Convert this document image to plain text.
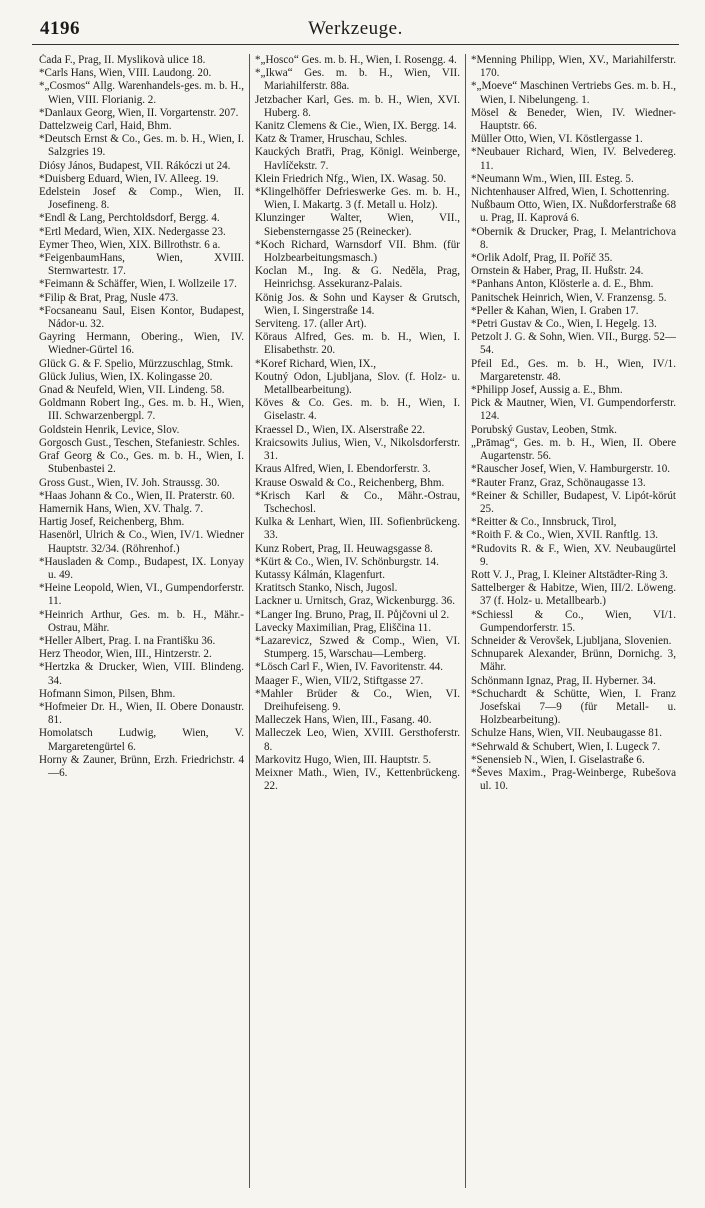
4196	Werkzeuge.

Čada F., Prag, II. Myslikovà ulice 18.

*Carls Hans, Wien, VIII. Laudong. 20.

*„Cosmos“ Allg. Warenhandels-ges. m. b. H., Wien, VIII. Florianig. 2.

*Danlaux Georg, Wien, II. Vorgartenstr. 207.

Dattelzweig Carl, Haid, Bhm.

*Deutsch Ernst & Co., Ges. m. b. H., Wien, I. Salzgries 19.

Diósy János, Budapest, VII. Rákóczi ut 24.

*Duisberg Eduard, Wien, IV. Alleeg. 19.

Edelstein Josef & Comp., Wien, II. Josefineng. 8.

*Endl & Lang, Perchtoldsdorf, Bergg. 4.

*Ertl Medard, Wien, XIX. Nedergasse 23.

Eymer Theo, Wien, XIX. Billrothstr. 6 a.

*FeigenbaumHans, Wien, XVIII. Sternwartestr. 17.

*Feimann & Schäffer, Wien, I. Wollzeile 17.

*Filip & Brat, Prag, Nusle 473.

*Focsaneanu Saul, Eisen Kontor, Budapest, Nádor-u. 32.

Gayring Hermann, Obering., Wien, IV. Wiedner-Gürtel 16.

Glück G. & F. Spelio, Mürzzuschlag, Stmk.

Glück Julius, Wien, IX. Kolingasse 20.

Gnad & Neufeld, Wien, VII. Lindeng. 58.

Goldmann Robert Ing., Ges. m. b. H., Wien, III. Schwarzenbergpl. 7.

Goldstein Henrik, Levice, Slov.

Gorgosch Gust., Teschen, Stefaniestr. Schles.

Graf Georg & Co., Ges. m. b. H., Wien, I. Stubenbastei 2.

Gross Gust., Wien, IV. Joh. Straussg. 30.

*Haas Johann & Co., Wien, II. Praterstr. 60.

Hamernik Hans, Wien, XV. Thalg. 7.

Hartig Josef, Reichenberg, Bhm.

Hasenörl, Ulrich & Co., Wien, IV/1. Wiedner Hauptstr. 32/34. (Röhrenhof.)

*Hausladen & Comp., Budapest, IX. Lonyay u. 49.

*Heine Leopold, Wien, VI., Gumpendorferstr. 11.

*Heinrich Arthur, Ges. m. b. H., Mähr.-Ostrau, Mähr.

*Heller Albert, Prag. I. na Františku 36.

Herz Theodor, Wien, III., Hintzerstr. 2.

*Hertzka & Drucker, Wien, VIII. Blindeng. 34.

Hofmann Simon, Pilsen, Bhm.

*Hofmeier Dr. H., Wien, II. Obere Donaustr. 81.

Homolatsch Ludwig, Wien, V. Margaretengürtel 6.

Horny & Zauner, Brünn, Erzh. Friedrichstr. 4—6.

*„Hosco“ Ges. m. b. H., Wien, I. Rosengg. 4.

*„Ikwa“ Ges. m. b. H., Wien, VII. Mariahilferstr. 88a.

Jetzbacher Karl, Ges. m. b. H., Wien, XVI. Huberg. 8.

Kanitz Clemens & Cie., Wien, IX. Bergg. 14.

Katz & Tramer, Hruschau, Schles.

Kauckých Bratři, Prag, Königl. Weinberge, Havlíčekstr. 7.

Klein Friedrich Nfg., Wien, IX. Wasag. 50.

*Klingelhöffer Defrieswerke Ges. m. b. H., Wien, I. Makartg. 3 (f. Metall u. Holz).

Klunzinger Walter, Wien, VII., Siebensterngasse 25 (Reinecker).

*Koch Richard, Warnsdorf VII. Bhm. (für Holzbearbeitungsmasch.)

Koclan M., Ing. & G. Neděla, Prag, Heinrichsg. Assekuranz-Palais.

König Jos. & Sohn und Kayser & Grutsch, Wien, I. Singerstraße 14.

Serviteng. 17. (aller Art).

Köraus Alfred, Ges. m. b. H., Wien, I. Elisabethstr. 20.

*Koref Richard, Wien, IX.,

Koutný Odon, Ljubljana, Slov. (f. Holz- u. Metallbearbeitung).

Köves & Co. Ges. m. b. H., Wien, I. Giselastr. 4.

Kraessel D., Wien, IX. Alserstraße 22.

Kraicsowits Julius, Wien, V., Nikolsdorferstr. 31.

Kraus Alfred, Wien, I. Ebendorferstr. 3.

Krause Oswald & Co., Reichenberg, Bhm.

*Krisch Karl & Co., Mähr.-Ostrau, Tschechosl.

Kulka & Lenhart, Wien, III. Sofienbrückeng. 33.

Kunz Robert, Prag, II. Heuwagsgasse 8.

*Kürt & Co., Wien, IV. Schönburgstr. 14.

Kutassy Kálmán, Klagenfurt.

Kratitsch Stanko, Nisch, Jugosl.

Lackner u. Urnitsch, Graz, Wickenburgg. 36.

*Langer Ing. Bruno, Prag, II. Půjčovni ul 2.

Lavecky Maximilian, Prag, Eliščina 11.

*Lazarevicz, Szwed & Comp., Wien, VI. Stumperg. 15, Warschau—Lemberg.

*Lösch Carl F., Wien, IV. Favoritenstr. 44.

Maager F., Wien, VII/2, Stiftgasse 27.

*Mahler Brüder & Co., Wien, VI. Dreihufeiseng. 9.

Malleczek Hans, Wien, III., Fasang. 40.

Malleczek Leo, Wien, XVIII. Gersthoferstr. 8.

Markovitz Hugo, Wien, III. Hauptstr. 5.

Meixner Math., Wien, IV., Kettenbrückeng. 22.

*Menning Philipp, Wien, XV., Mariahilferstr. 170.

*„Moeve“ Maschinen Vertriebs Ges. m. b. H., Wien, I. Nibelungeng. 1.

Mösel & Beneder, Wien, IV. Wiedner-Hauptstr. 66.

Müller Otto, Wien, VI. Köstlergasse 1.

*Neubauer Richard, Wien, IV. Belvedereg. 11.

*Neumann Wm., Wien, III. Esteg. 5.

Nichtenhauser Alfred, Wien, I. Schottenring.

Nußbaum Otto, Wien, IX. Nußdorferstraße 68 u. Prag, II. Kaprová 6.

*Obernik & Drucker, Prag, I. Melantrichova 8.

*Orlik Adolf, Prag, II. Poříč 35.

Ornstein & Haber, Prag, II. Hußstr. 24.

*Panhans Anton, Klösterle a. d. E., Bhm.

Panitschek Heinrich, Wien, V. Franzensg. 5.

*Peller & Kahan, Wien, I. Graben 17.

*Petri Gustav & Co., Wien, I. Hegelg. 13.

Petzolt J. G. & Sohn, Wien. VII., Burgg. 52—54.

Pfeil Ed., Ges. m. b. H., Wien, IV/1. Margaretenstr. 48.

*Philipp Josef, Aussig a. E., Bhm.

Pick & Mautner, Wien, VI. Gumpendorferstr. 124.

Porubský Gustav, Leoben, Stmk.

„Prāmag“, Ges. m. b. H., Wien, II. Obere Augartenstr. 56.

*Rauscher Josef, Wien, V. Hamburgerstr. 10.

*Rauter Franz, Graz, Schönaugasse 13.

*Reiner & Schiller, Budapest, V. Lipót-körút 25.

*Reitter & Co., Innsbruck, Tirol,

*Roith F. & Co., Wien, XVII. Ranftlg. 13.

*Rudovits R. & F., Wien, XV. Neubaugürtel 9.

Rott V. J., Prag, I. Kleiner Altstädter-Ring 3.

Sattelberger & Habitze, Wien, III/2. Löweng. 37 (f. Holz- u. Metallbearb.)

*Schiessl & Co., Wien, VI/1. Gumpendorferstr. 15.

Schneider & Verovšek, Ljubljana, Slovenien.

Schnuparek Alexander, Brünn, Dornichg. 3, Mähr.

Schönmann Ignaz, Prag, II. Hyberner. 34.

*Schuchardt & Schütte, Wien, I. Franz Josefskai 7—9 (für Metall- u. Holzbearbeitung).

Schulze Hans, Wien, VII. Neubaugasse 81.

*Sehrwald & Schubert, Wien, I. Lugeck 7.

*Senensieb N., Wien, I. Giselastraße 6.

*Ševes Maxim., Prag-Weinberge, Rubešova ul. 10.
